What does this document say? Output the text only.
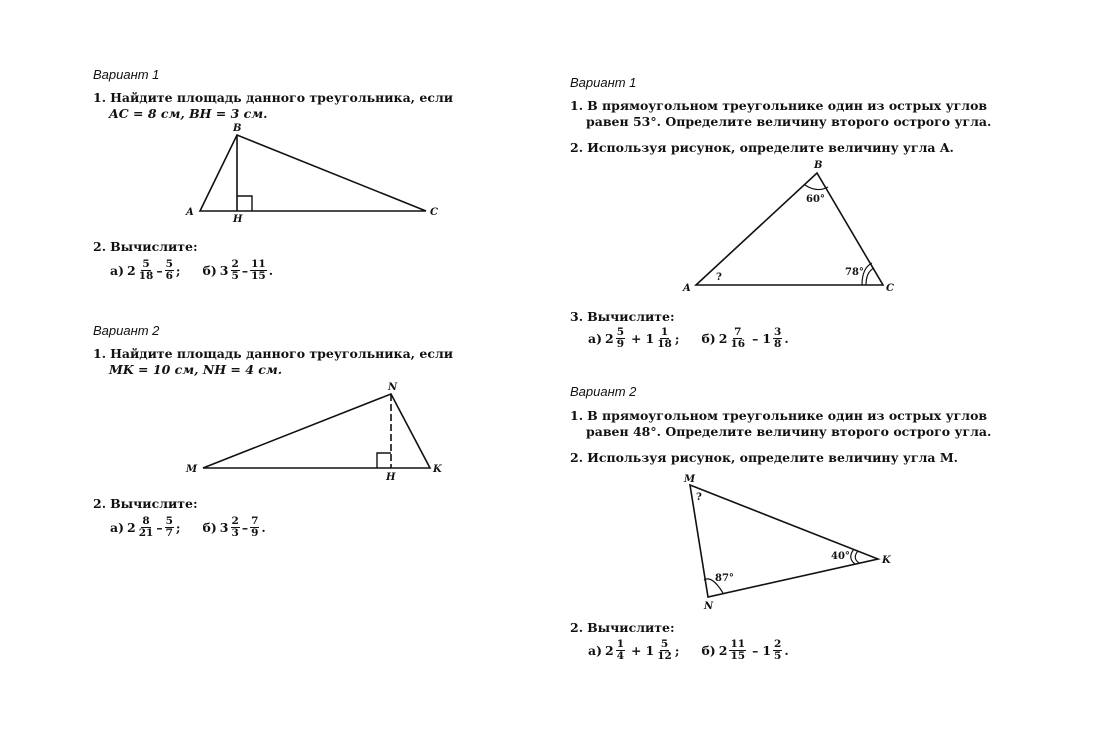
Вариант 1
1. Найдите площадь данного треугольника, если
AC = 8 см, BH = 3 см.
A
B
C
H
2. Вычислите:
а) $2 \frac{5}{18} - \frac{5}{6}$ ; б) $3 \frac{2}{5} - \frac{11}{15}$ .
Вариант 2
1. Найдите площадь данного треугольника, если
MK = 10 см, NH = 4 см.
M
N
K
H
2. Вычислите:
а) $2 \frac{8}{21} - \frac{5}{7}$ ; б) $3 \frac{2}{3} - \frac{7}{9}$ .
Вариант 1
1. В прямоугольном треугольнике один из острых углов
равен 53°. Определите величину второго острого угла.
2. Используя рисунок, определите величину угла A.
A
B
C
60°
78°
?
3. Вычислите:
а) $2 \frac{5}{9} + 1 \frac{1}{18}$ ; б) $2 \frac{7}{16} - 1 \frac{3}{8}$ .
Вариант 2
1. В прямоугольном треугольнике один из острых углов
равен 48°. Определите величину второго острого угла.
2. Используя рисунок, определите величину угла M.
M
K
N
40°
87°
?
2. Вычислите:
а) $2 \frac{1}{4} + 1 \frac{5}{12}$ ; б) $2 \frac{11}{15} - 1 \frac{2}{5}$ .
